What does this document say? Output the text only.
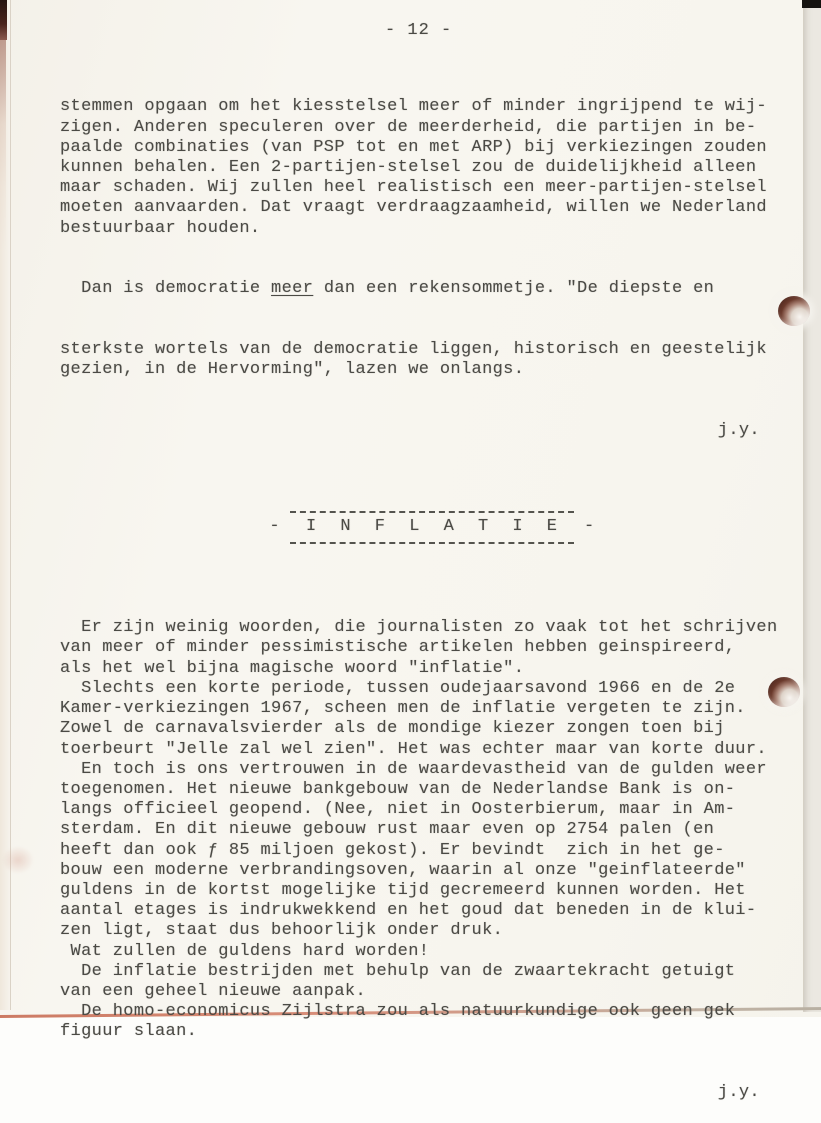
- 12 -

stemmen opgaan om het kiesstelsel meer of minder ingrijpend te wij-
zigen. Anderen speculeren over de meerderheid, die partijen in be-
paalde combinaties (van PSP tot en met ARP) bij verkiezingen zouden
kunnen behalen. Een 2-partijen-stelsel zou de duidelijkheid alleen
maar schaden. Wij zullen heel realistisch een meer-partijen-stelsel
moeten aanvaarden. Dat vraagt verdraagzaamheid, willen we Nederland
bestuurbaar houden.

Dan is democratie meer dan een rekensommetje. "De diepste en

sterkste wortels van de democratie liggen, historisch en geestelijk
gezien, in de Hervorming", lazen we onlangs.

j.y.

-	I N F L A T I E	-

Er zijn weinig woorden, die journalisten zo vaak tot het schrijven
van meer of minder pessimistische artikelen hebben geinspireerd,
als het wel bijna magische woord "inflatie".
Slechts een korte periode, tussen oudejaarsavond 1966 en de 2e
Kamer-verkiezingen 1967, scheen men de inflatie vergeten te zijn.
Zowel de carnavalsvierder als de mondige kiezer zongen toen bij
toerbeurt "Jelle zal wel zien". Het was echter maar van korte duur.
En toch is ons vertrouwen in de waardevastheid van de gulden weer
toegenomen. Het nieuwe bankgebouw van de Nederlandse Bank is on-
langs officieel geopend. (Nee, niet in Oosterbierum, maar in Am-
sterdam. En dit nieuwe gebouw rust maar even op 2754 palen (en
heeft dan ook ƒ 85 miljoen gekost). Er bevindt  zich in het ge-
bouw een moderne verbrandingsoven, waarin al onze "geinflateerde"
guldens in de kortst mogelijke tijd gecremeerd kunnen worden. Het
aantal etages is indrukwekkend en het goud dat beneden in de klui-
zen ligt, staat dus behoorlijk onder druk.
Wat zullen de guldens hard worden!
De inflatie bestrijden met behulp van de zwaartekracht getuigt
van een geheel nieuwe aanpak.
De homo-economicus Zijlstra zou als natuurkundige ook geen gek
figuur slaan.

j.y.
